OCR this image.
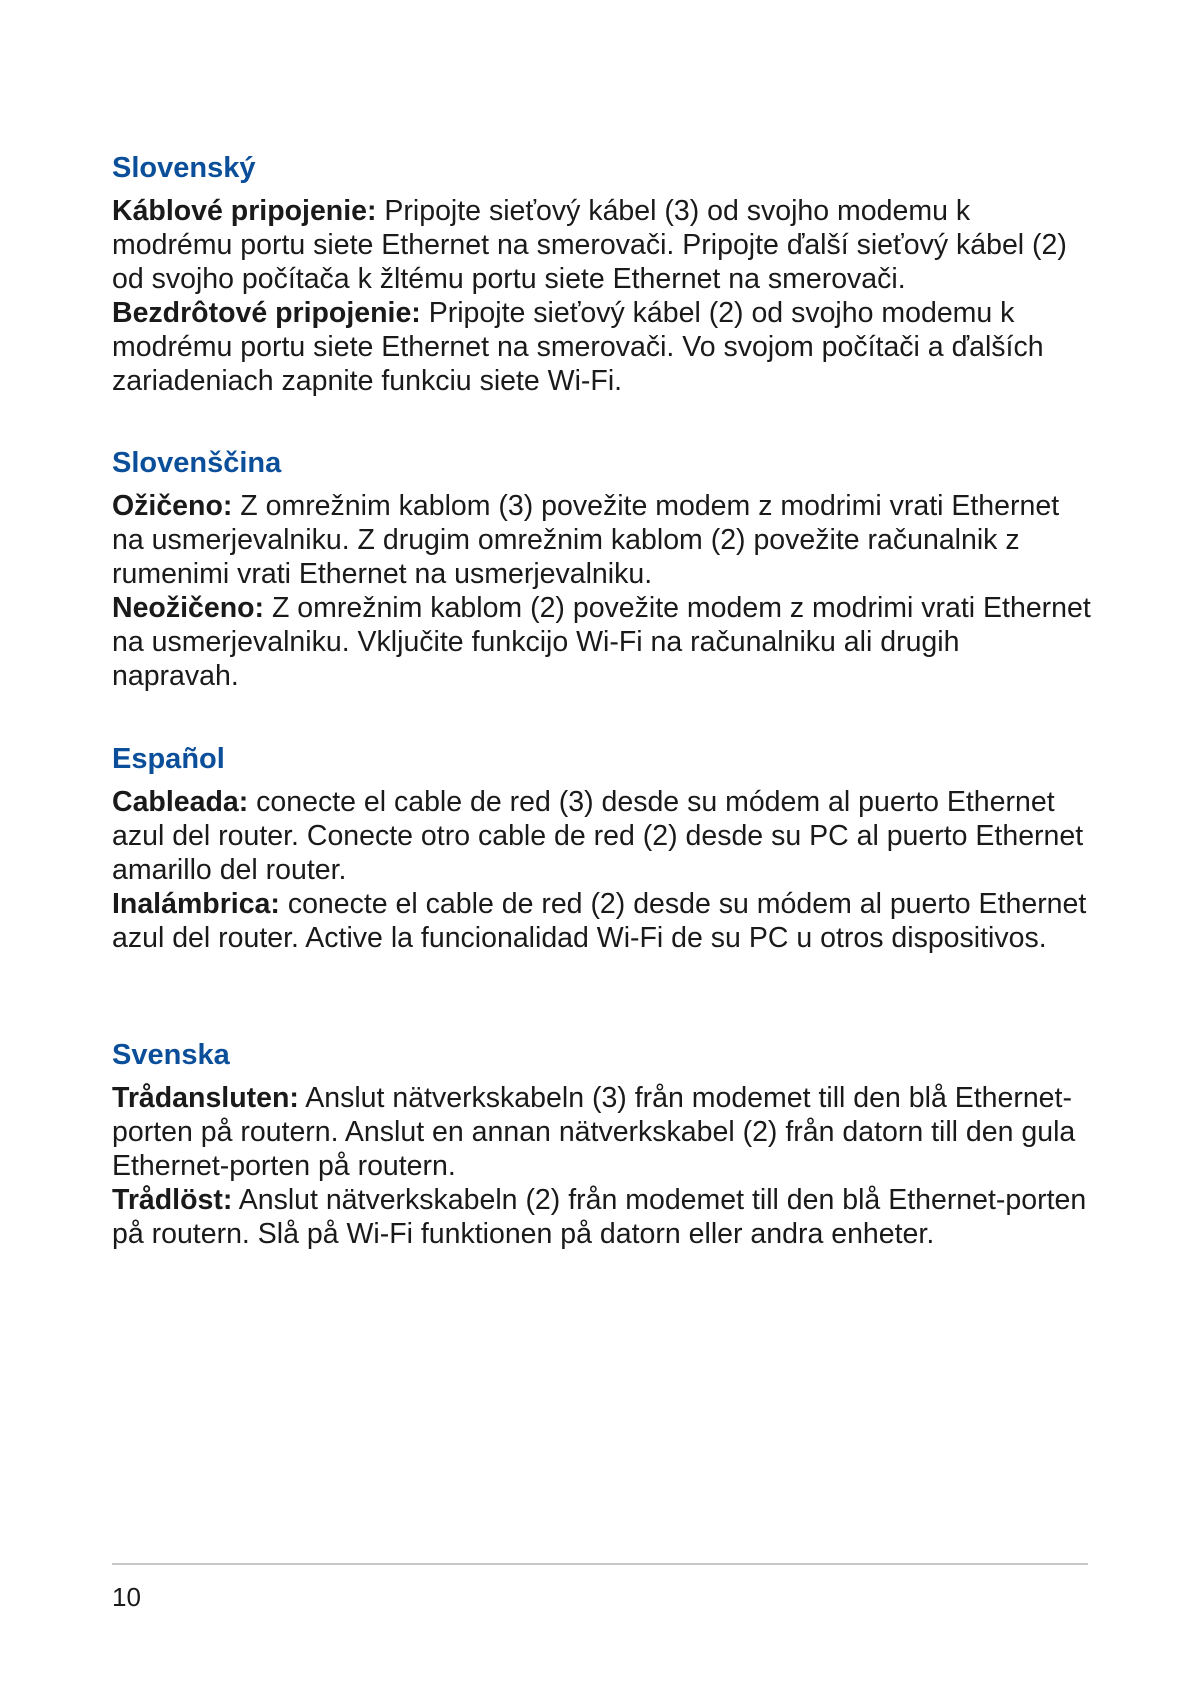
Slovenský

Káblové pripojenie: Pripojte sieťový kábel (3) od svojho modemu k modrému portu siete Ethernet na smerovači. Pripojte ďalší sieťový kábel (2) od svojho počítača k žltému portu siete Ethernet na smerovači.

Bezdrôtové pripojenie: Pripojte sieťový kábel (2) od svojho modemu k modrému portu siete Ethernet na smerovači. Vo svojom počítači a ďalších zariadeniach zapnite funkciu siete Wi-Fi.

Slovenščina

Ožičeno: Z omrežnim kablom (3) povežite modem z modrimi vrati Ethernet na usmerjevalniku. Z drugim omrežnim kablom (2) povežite računalnik z rumenimi vrati Ethernet na usmerjevalniku.

Neožičeno: Z omrežnim kablom (2) povežite modem z modrimi vrati Ethernet na usmerjevalniku. Vključite funkcijo Wi-Fi na računalniku ali drugih napravah.

Español

Cableada: conecte el cable de red (3) desde su módem al puerto Ethernet azul del router. Conecte otro cable de red (2) desde su PC al puerto Ethernet amarillo del router.

Inalámbrica: conecte el cable de red (2) desde su módem al puerto Ethernet azul del router. Active la funcionalidad Wi-Fi de su PC u otros dispositivos.

Svenska

Trådansluten: Anslut nätverkskabeln (3) från modemet till den blå Ethernet-porten på routern. Anslut en annan nätverkskabel (2) från datorn till den gula Ethernet-porten på routern.

Trådlöst: Anslut nätverkskabeln (2) från modemet till den blå Ethernet-porten på routern. Slå på Wi-Fi funktionen på datorn eller andra enheter.

10
